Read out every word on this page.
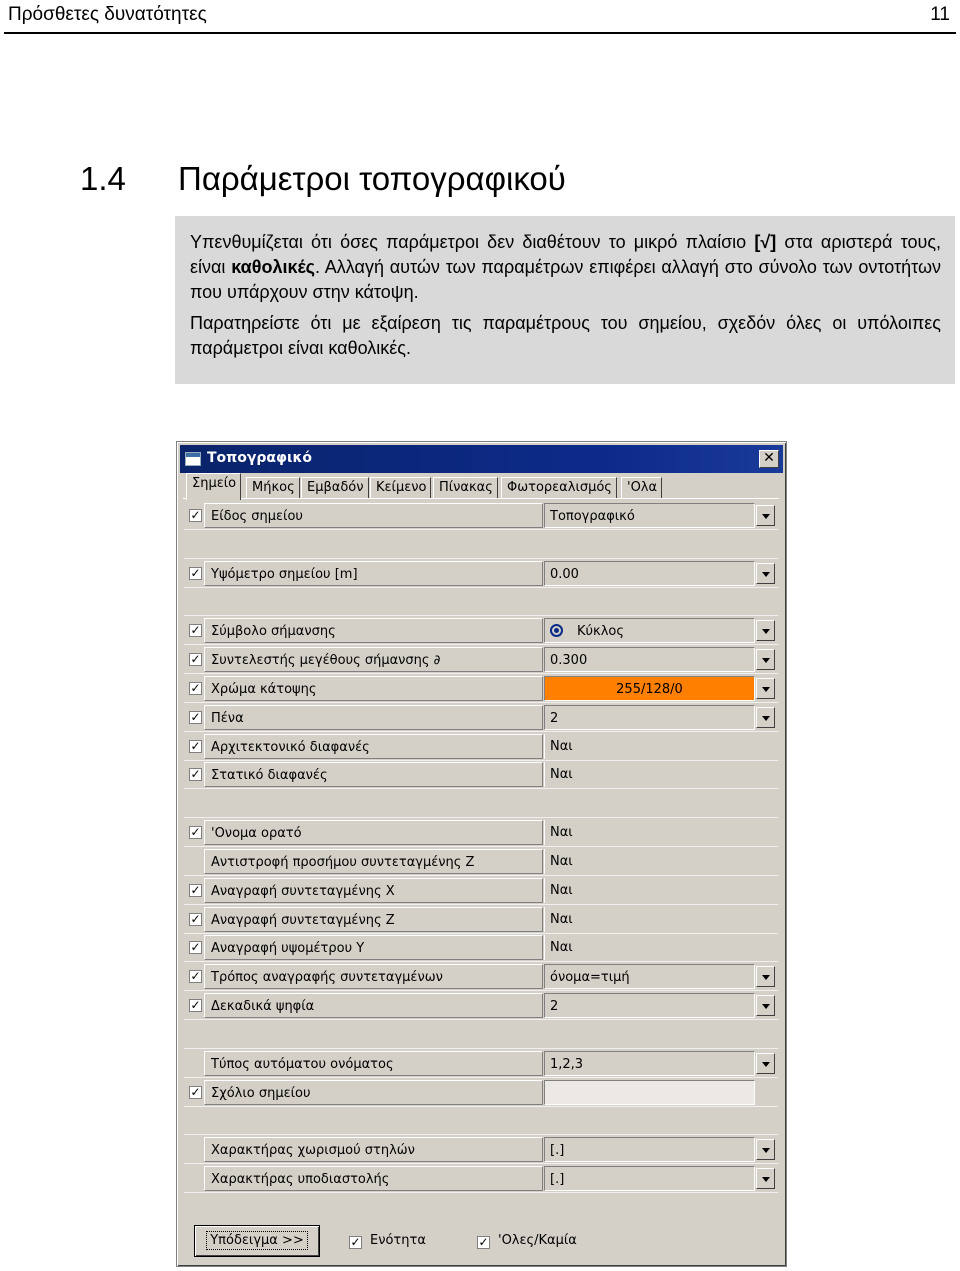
Πρόσθετες δυνατότητες	11
1.4 Παράμετροι τοπογραφικού

Υπενθυμίζεται ότι όσες παράμετροι δεν διαθέτουν το μικρό πλαίσιο [√] στα αριστερά τους, είναι καθολικές. Αλλαγή αυτών των παραμέτρων επιφέρει αλλαγή στο σύνολο των οντοτήτων που υπάρχουν στην κάτοψη.

Παρατηρείστε ότι με εξαίρεση τις παραμέτρους του σημείου, σχεδόν όλες οι υπόλοιπες παράμετροι είναι καθολικές.

Τοπογραφικό	✕
Σημείο	Μήκος Εμβαδόν Κείμενο Πίνακας	Φωτορεαλισμός	'Ολα
✓ Είδος σημείου	Τοπογραφικό
✓ Υψόμετρο σημείου [m]	0.00
✓ Σύμβολο σήμανσης	Κύκλος
✓ Συντελεστής μεγέθους σήμανσης ∂	0.300
✓ Χρώμα κάτοψης	255/128/0
✓ Πένα	2
✓ Αρχιτεκτονικό διαφανές	Ναι
✓ Στατικό διαφανές	Ναι
✓ 'Ονομα ορατό	Ναι
Αντιστροφή προσήμου συντεταγμένης Ζ	Ναι
✓ Αναγραφή συντεταγμένης Χ	Ναι
✓ Αναγραφή συντεταγμένης Ζ	Ναι
✓ Αναγραφή υψομέτρου Υ	Ναι
✓ Τρόπος αναγραφής συντεταγμένων	όνομα=τιμή
✓ Δεκαδικά ψηφία	2
Τύπος αυτόματου ονόματος	1,2,3
✓ Σχόλιο σημείου
Χαρακτήρας χωρισμού στηλών	[.]
Χαρακτήρας υποδιαστολής	[.]
Υπόδειγμα >>	✓ Ενότητα	✓ 'Ολες/Καμία
